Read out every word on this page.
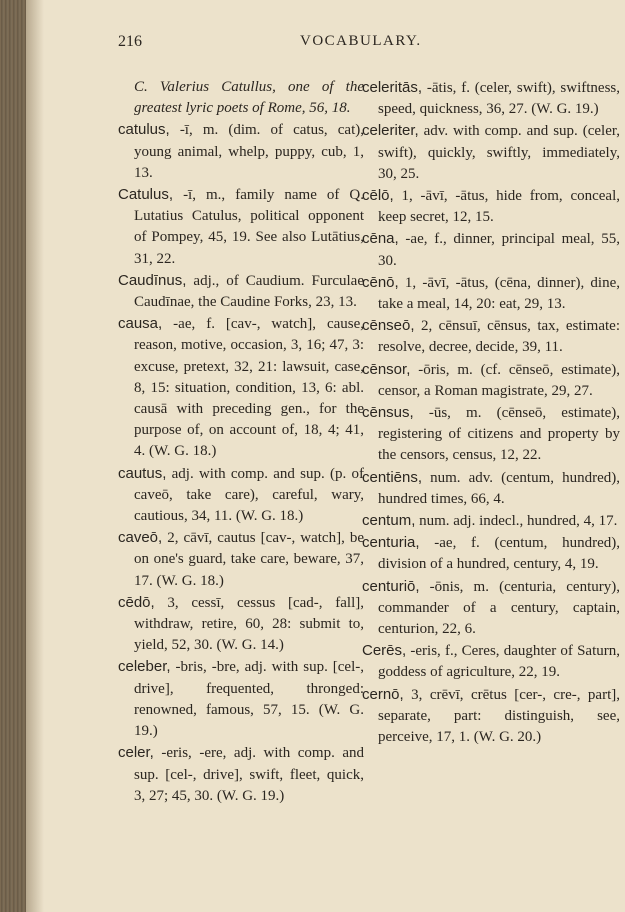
216	VOCABULARY.

C. Valerius Catullus, one of the greatest lyric poets of Rome, 56, 18.

catulus, -ī, m. (dim. of catus, cat), young animal, whelp, puppy, cub, 1, 13.

Catulus, -ī, m., family name of Q. Lutatius Catulus, political opponent of Pompey, 45, 19. See also Lutātius, 31, 22.

Caudīnus, adj., of Caudium. Furculae Caudīnae, the Caudine Forks, 23, 13.

causa, -ae, f. [cav-, watch], cause, reason, motive, occasion, 3, 16; 47, 3: excuse, pretext, 32, 21: lawsuit, case, 8, 15: situation, condition, 13, 6: abl. causā with preceding gen., for the purpose of, on account of, 18, 4; 41, 4. (W. G. 18.)

cautus, adj. with comp. and sup. (p. of caveō, take care), careful, wary, cautious, 34, 11. (W. G. 18.)

caveō, 2, cāvī, cautus [cav-, watch], be on one's guard, take care, beware, 37, 17. (W. G. 18.)

cēdō, 3, cessī, cessus [cad-, fall], withdraw, retire, 60, 28: submit to, yield, 52, 30. (W. G. 14.)

celeber, -bris, -bre, adj. with sup. [cel-, drive], frequented, thronged: renowned, famous, 57, 15. (W. G. 19.)

celer, -eris, -ere, adj. with comp. and sup. [cel-, drive], swift, fleet, quick, 3, 27; 45, 30. (W. G. 19.)

celeritās, -ātis, f. (celer, swift), swiftness, speed, quickness, 36, 27. (W. G. 19.)

celeriter, adv. with comp. and sup. (celer, swift), quickly, swiftly, immediately, 30, 25.

cēlō, 1, -āvī, -ātus, hide from, conceal, keep secret, 12, 15.

cēna, -ae, f., dinner, principal meal, 55, 30.

cēnō, 1, -āvī, -ātus, (cēna, dinner), dine, take a meal, 14, 20: eat, 29, 13.

cēnseō, 2, cēnsuī, cēnsus, tax, estimate: resolve, decree, decide, 39, 11.

cēnsor, -ōris, m. (cf. cēnseō, estimate), censor, a Roman magistrate, 29, 27.

cēnsus, -ūs, m. (cēnseō, estimate), registering of citizens and property by the censors, census, 12, 22.

centiēns, num. adv. (centum, hundred), hundred times, 66, 4.

centum, num. adj. indecl., hundred, 4, 17.

centuria, -ae, f. (centum, hundred), division of a hundred, century, 4, 19.

centuriō, -ōnis, m. (centuria, century), commander of a century, captain, centurion, 22, 6.

Cerēs, -eris, f., Ceres, daughter of Saturn, goddess of agriculture, 22, 19.

cernō, 3, crēvī, crētus [cer-, cre-, part], separate, part: distinguish, see, perceive, 17, 1. (W. G. 20.)
